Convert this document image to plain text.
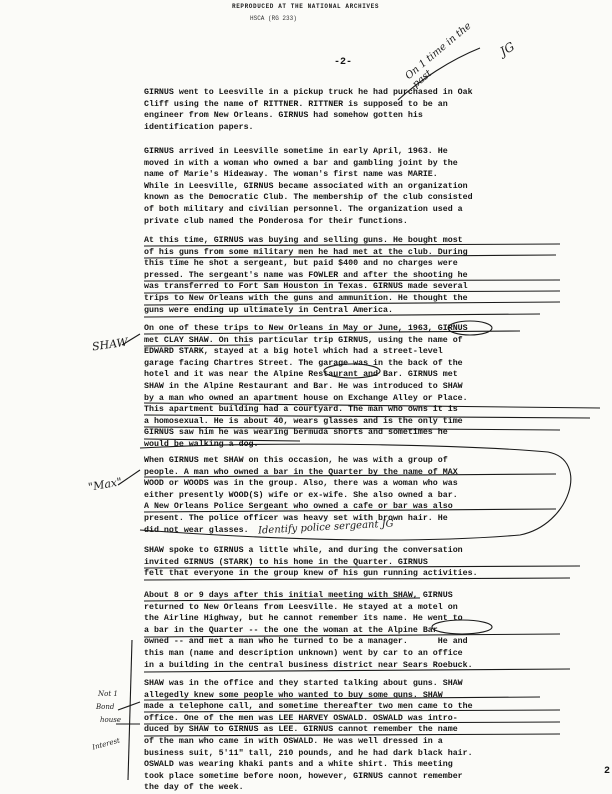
REPRODUCED AT THE NATIONAL ARCHIVES
HSCA (RG 233)
-2-
GIRNUS went to Leesville in a pickup truck he had purchased in Oak
Cliff using the name of RITTNER. RITTNER is supposed to be an
engineer from New Orleans. GIRNUS had somehow gotten his
identification papers.
GIRNUS arrived in Leesville sometime in early April, 1963. He
moved in with a woman who owned a bar and gambling joint by the
name of Marie's Hideaway. The woman's first name was MARIE.
While in Leesville, GIRNUS became associated with an organization
known as the Democratic Club. The membership of the club consisted
of both military and civilian personnel. The organization used a
private club named the Ponderosa for their functions.
At this time, GIRNUS was buying and selling guns. He bought most
of his guns from some military men he had met at the club. During
this time he shot a sergeant, but paid $400 and no charges were
pressed. The sergeant's name was FOWLER and after the shooting he
was transferred to Fort Sam Houston in Texas. GIRNUS made several
trips to New Orleans with the guns and ammunition. He thought the
guns were ending up ultimately in Central America.
On one of these trips to New Orleans in May or June, 1963, GIRNUS
met CLAY SHAW. On this particular trip GIRNUS, using the name of
EDWARD STARK, stayed at a big hotel which had a street-level
garage facing Chartres Street. The garage was in the back of the
hotel and it was near the Alpine Restaurant and Bar. GIRNUS met
SHAW in the Alpine Restaurant and Bar. He was introduced to SHAW
by a man who owned an apartment house on Exchange Alley or Place.
This apartment building had a courtyard. The man who owns it is
a homosexual. He is about 40, wears glasses and is the only time
GIRNUS saw him he was wearing bermuda shorts and sometimes he
would be walking a dog.
When GIRNUS met SHAW on this occasion, he was with a group of
people. A man who owned a bar in the Quarter by the name of MAX
WOOD or WOODS was in the group. Also, there was a woman who was
either presently WOOD(S) wife or ex-wife. She also owned a bar.
A New Orleans Police Sergeant who owned a cafe or bar was also
present. The police officer was heavy set with brown hair. He
did not wear glasses.
SHAW spoke to GIRNUS a little while, and during the conversation
invited GIRNUS (STARK) to his home in the Quarter. GIRNUS
felt that everyone in the group knew of his gun running activities.
About 8 or 9 days after this initial meeting with SHAW, GIRNUS
returned to New Orleans from Leesville. He stayed at a motel on
the Airline Highway, but he cannot remember its name. He went to
a bar in the Quarter -- the one the woman at the Alpine Bar
owned -- and met a man who he turned to be a manager.      He and
this man (name and description unknown) went by car to an office
in a building in the central business district near Sears Roebuck.
SHAW was in the office and they started talking about guns. SHAW
allegedly knew some people who wanted to buy some guns. SHAW
made a telephone call, and sometime thereafter two men came to the
office. One of the men was LEE HARVEY OSWALD. OSWALD was intro-
duced by SHAW to GIRNUS as LEE. GIRNUS cannot remember the name
of the man who came in with OSWALD. He was well dressed in a
business suit, 5'11" tall, 210 pounds, and he had dark black hair.
OSWALD was wearing khaki pants and a white shirt. This meeting
took place sometime before noon, however, GIRNUS cannot remember
the day of the week.
SHAW
"Max"
On 1 time in the past
JG
Identify police sergeant JG
Not 1
Bond
house
Interest
2
